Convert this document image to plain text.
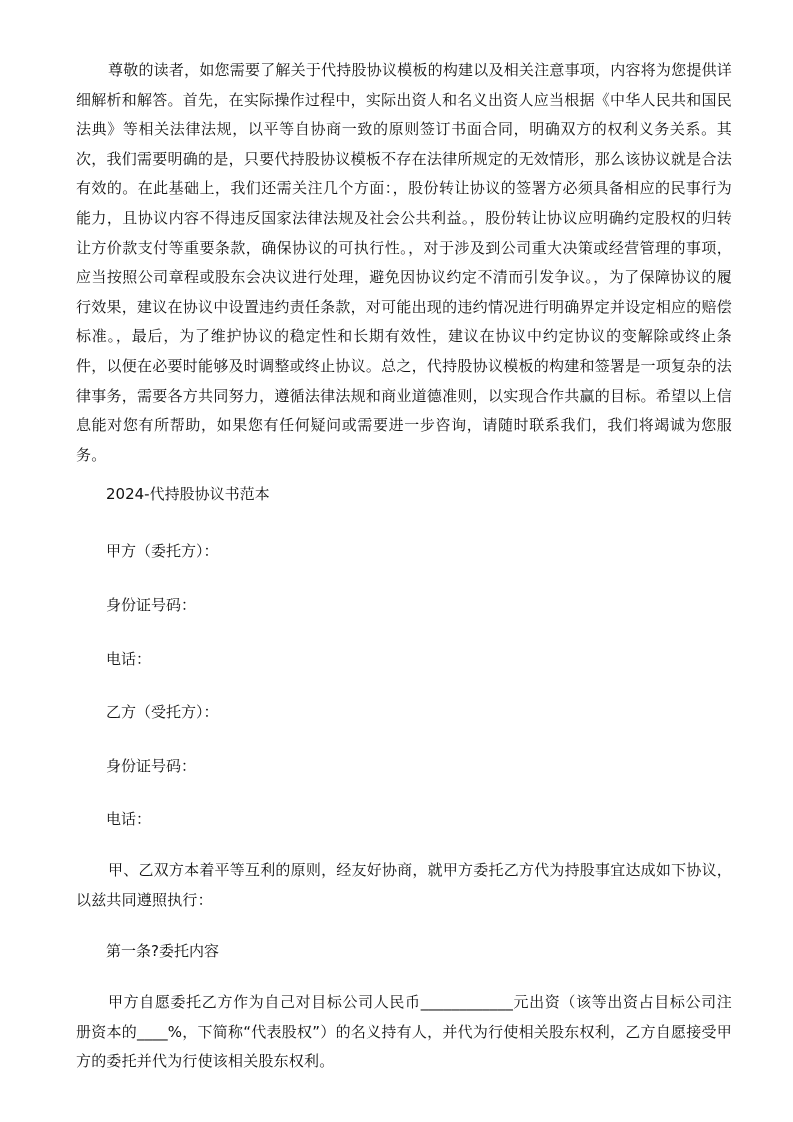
尊敬的读者，如您需要了解关于代持股协议模板的构建以及相关注意事项，内容将为您提供详细解析和解答。首先，在实际操作过程中，实际出资人和名义出资人应当根据《中华人民共和国民法典》等相关法律法规，以平等自协商一致的原则签订书面合同，明确双方的权利义务关系。其次，我们需要明确的是，只要代持股协议模板不存在法律所规定的无效情形，那么该协议就是合法有效的。在此基础上，我们还需关注几个方面：，股份转让协议的签署方必须具备相应的民事行为能力，且协议内容不得违反国家法律法规及社会公共利益。，股份转让协议应明确约定股权的归转让方价款支付等重要条款，确保协议的可执行性。，对于涉及到公司重大决策或经营管理的事项，应当按照公司章程或股东会决议进行处理，避免因协议约定不清而引发争议。，为了保障协议的履行效果，建议在协议中设置违约责任条款，对可能出现的违约情况进行明确界定并设定相应的赔偿标准。，最后，为了维护协议的稳定性和长期有效性，建议在协议中约定协议的变解除或终止条件，以便在必要时能够及时调整或终止协议。总之，代持股协议模板的构建和签署是一项复杂的法律事务，需要各方共同努力，遵循法律法规和商业道德准则，以实现合作共赢的目标。希望以上信息能对您有所帮助，如果您有任何疑问或需要进一步咨询，请随时联系我们，我们将竭诚为您服务。

2024-代持股协议书范本

甲方（委托方）：

身份证号码：

电话：

乙方（受托方）：

身份证号码：

电话：

甲、乙双方本着平等互利的原则，经友好协商，就甲方委托乙方代为持股事宜达成如下协议，以兹共同遵照执行：

第一条?委托内容

甲方自愿委托乙方作为自己对目标公司人民币____________元出资（该等出资占目标公司注册资本的____%，下简称“代表股权”）的名义持有人，并代为行使相关股东权利，乙方自愿接受甲方的委托并代为行使该相关股东权利。
